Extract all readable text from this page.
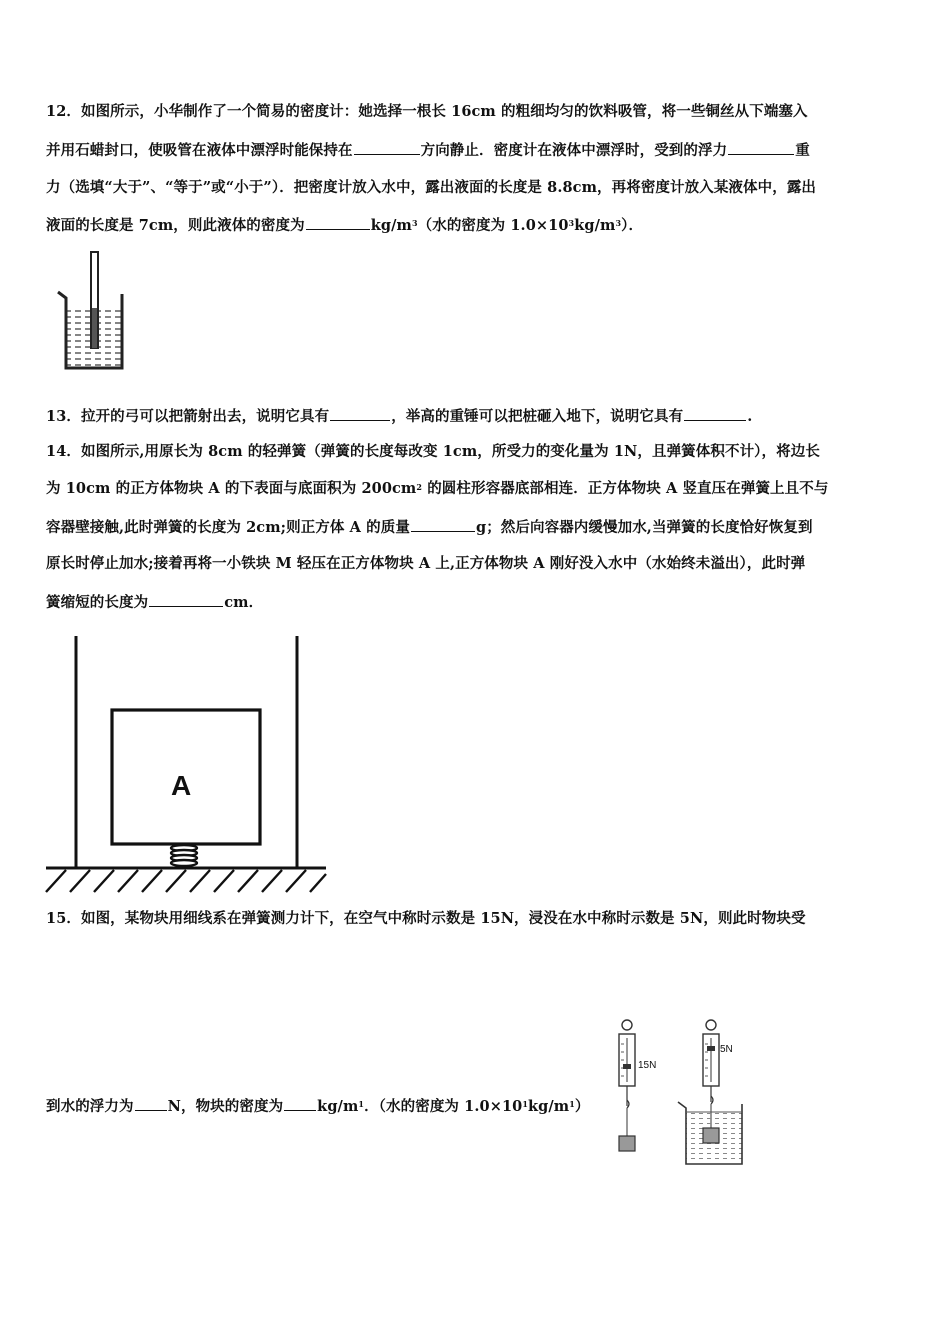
12．如图所示，小华制作了一个简易的密度计：她选择一根长 16cm 的粗细均匀的饮料吸管，将一些铜丝从下端塞入
并用石蜡封口，使吸管在液体中漂浮时能保持在	方向静止．密度计在液体中漂浮时，受到的浮力	重
力（选填“大于”、“等于”或“小于”）．把密度计放入水中，露出液面的长度是 8.8cm，再将密度计放入某液体中，露出
液面的长度是 7cm，则此液体的密度为	$kg/m^3$（水的密度为 $1.0\times 10^3kg/m^3$）．
13．拉开的弓可以把箭射出去，说明它具有	，举高的重锤可以把桩砸入地下，说明它具有	.
14．如图所示,用原长为 8cm 的轻弹簧（弹簧的长度每改变 1cm，所受力的变化量为 1N，且弹簧体积不计），将边长
为 10cm 的正方体物块 A 的下表面与底面积为 $200cm^2$ 的圆柱形容器底部相连．正方体物块 A 竖直压在弹簧上且不与
容器壁接触,此时弹簧的长度为 2cm;则正方体 A 的质量	g；然后向容器内缓慢加水,当弹簧的长度恰好恢复到
原长时停止加水;接着再将一小铁块 M 轻压在正方体物块 A 上,正方体物块 A 刚好没入水中（水始终未溢出），此时弹
簧缩短的长度为	cm．
A
15．如图，某物块用细线系在弹簧测力计下，在空气中称时示数是 15N，浸没在水中称时示数是 5N，则此时物块受
到水的浮力为 N，物块的密度为 $kg/m^1$．（水的密度为 $1.0\times 10^1kg/m^1$）
15N
5N
